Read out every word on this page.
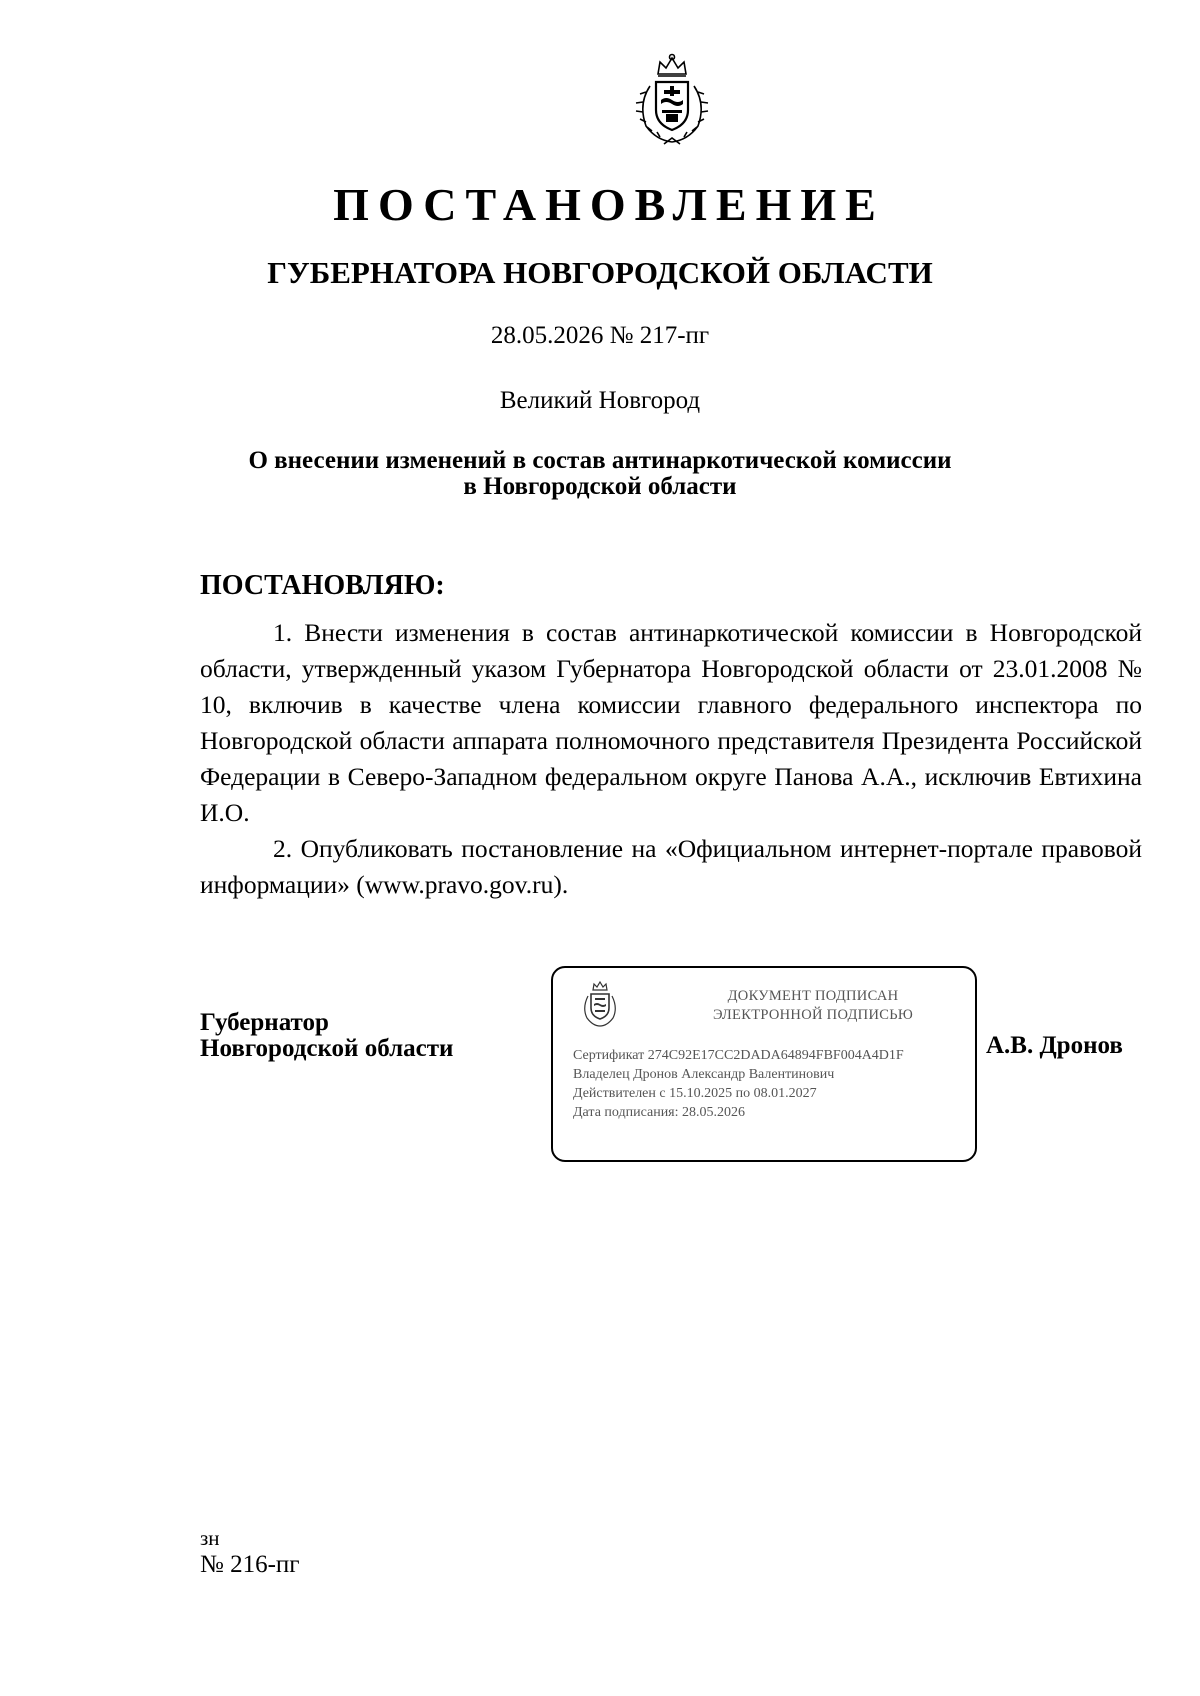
ПОСТАНОВЛЕНИЕ
ГУБЕРНАТОРА НОВГОРОДСКОЙ ОБЛАСТИ
28.05.2026 № 217-пг
Великий Новгород
О внесении изменений в состав антинаркотической комиссии
в Новгородской области
ПОСТАНОВЛЯЮ:

1. Внести изменения в состав антинаркотической комиссии в Новгородской области, утвержденный указом Губернатора Новгородской области от 23.01.2008 № 10, включив в качестве члена комиссии главного федерального инспектора по Новгородской области аппарата полномочного представителя Президента Российской Федерации в Северо-Западном федеральном округе Панова А.А., исключив Евтихина И.О.

2. Опубликовать постановление на «Официальном интернет-портале правовой информации» (www.pravo.gov.ru).

Губернатор
Новгородской области
ДОКУМЕНТ ПОДПИСАН
ЭЛЕКТРОННОЙ ПОДПИСЬЮ
Сертификат 274C92E17CC2DADA64894FBF004A4D1F
Владелец Дронов Александр Валентинович
Действителен с 15.10.2025 по 08.01.2027
Дата подписания: 28.05.2026
А.В. Дронов
зн
№ 216-пг
